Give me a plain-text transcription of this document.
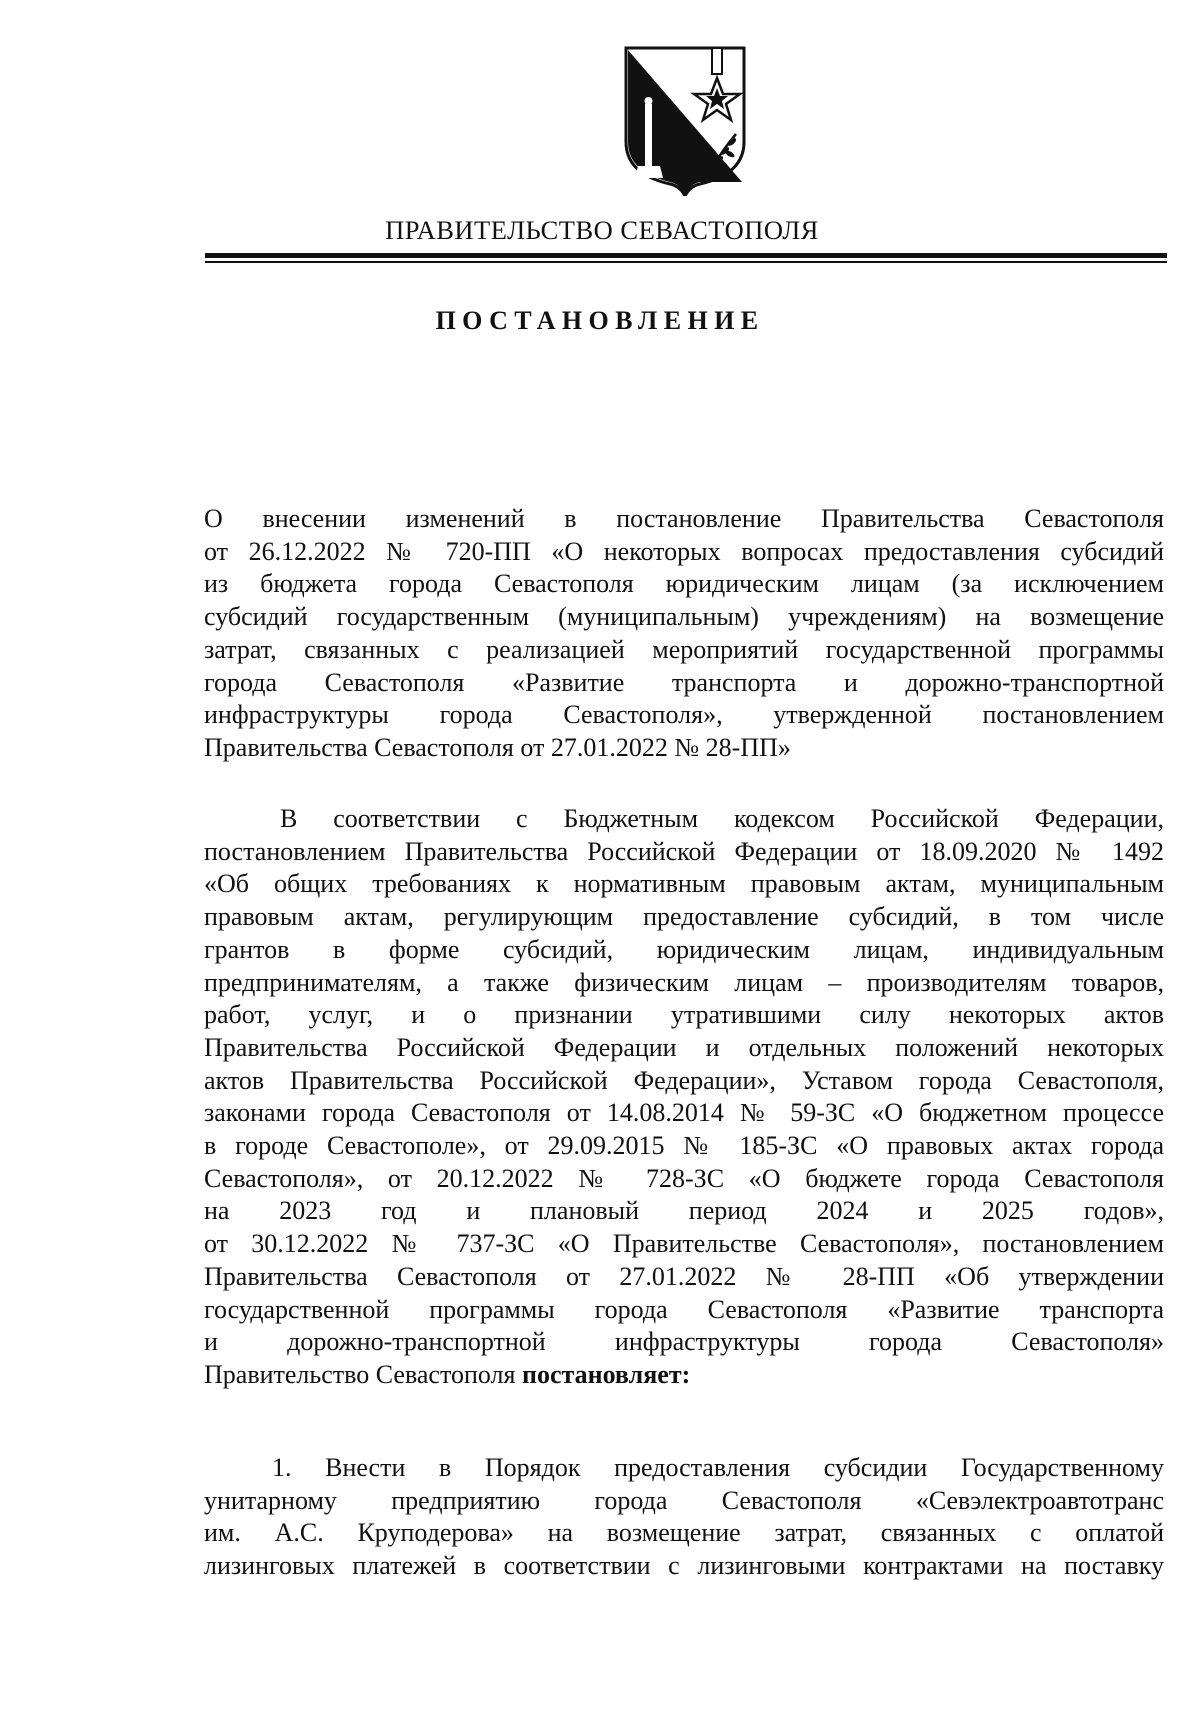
ПРАВИТЕЛЬСТВО СЕВАСТОПОЛЯ
ПОСТАНОВЛЕНИЕ
О внесении изменений в постановление Правительства Севастополя
от 26.12.2022 № 720-ПП «О некоторых вопросах предоставления субсидий
из бюджета города Севастополя юридическим лицам (за исключением
субсидий государственным (муниципальным) учреждениям) на возмещение
затрат, связанных с реализацией мероприятий государственной программы
города Севастополя «Развитие транспорта и дорожно-транспортной
инфраструктуры города Севастополя», утвержденной постановлением
Правительства Севастополя от 27.01.2022 № 28-ПП»
В соответствии с Бюджетным кодексом Российской Федерации,
постановлением Правительства Российской Федерации от 18.09.2020 № 1492
«Об общих требованиях к нормативным правовым актам, муниципальным
правовым актам, регулирующим предоставление субсидий, в том числе
грантов в форме субсидий, юридическим лицам, индивидуальным
предпринимателям, а также физическим лицам – производителям товаров,
работ, услуг, и о признании утратившими силу некоторых актов
Правительства Российской Федерации и отдельных положений некоторых
актов Правительства Российской Федерации», Уставом города Севастополя,
законами города Севастополя от 14.08.2014 № 59-ЗС «О бюджетном процессе
в городе Севастополе», от 29.09.2015 № 185-ЗС «О правовых актах города
Севастополя», от 20.12.2022 № 728-ЗС «О бюджете города Севастополя
на 2023 год и плановый период 2024 и 2025 годов»,
от 30.12.2022 № 737-ЗС «О Правительстве Севастополя», постановлением
Правительства Севастополя от 27.01.2022 № 28-ПП «Об утверждении
государственной программы города Севастополя «Развитие транспорта
и дорожно-транспортной инфраструктуры города Севастополя»
Правительство Севастополя постановляет:
1. Внести в Порядок предоставления субсидии Государственному
унитарному предприятию города Севастополя «Севэлектроавтотранс
им. А.С. Круподерова» на возмещение затрат, связанных с оплатой
лизинговых платежей в соответствии с лизинговыми контрактами на поставку
